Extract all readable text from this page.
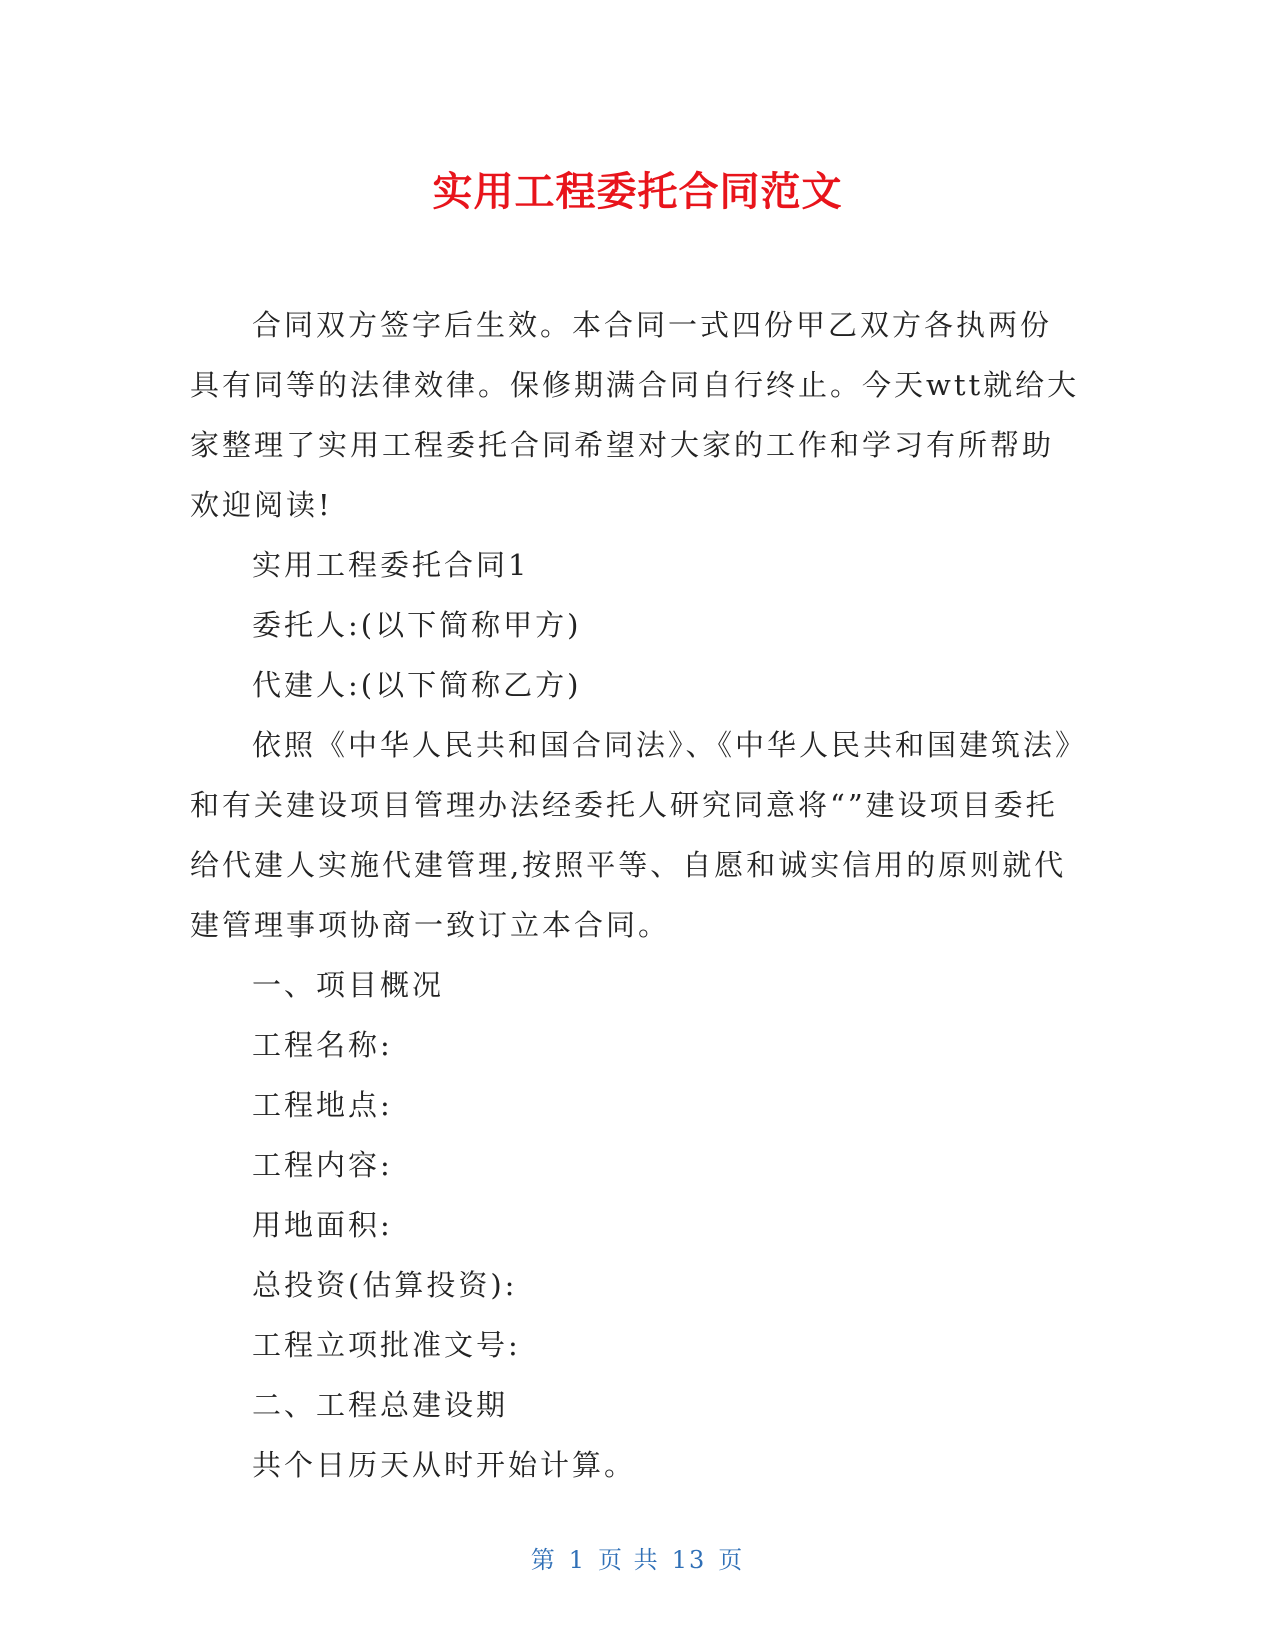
实用工程委托合同范文

合同双方签字后生效。本合同一式四份甲乙双方各执两份具有同等的法律效律。保修期满合同自行终止。今天wtt就给大家整理了实用工程委托合同希望对大家的工作和学习有所帮助欢迎阅读!

实用工程委托合同1

委托人:(以下简称甲方)

代建人:(以下简称乙方)

依照《中华人民共和国合同法》、《中华人民共和国建筑法》和有关建设项目管理办法经委托人研究同意将“”建设项目委托给代建人实施代建管理,按照平等、自愿和诚实信用的原则就代建管理事项协商一致订立本合同。

一、项目概况

工程名称:

工程地点:

工程内容:

用地面积:

总投资(估算投资):

工程立项批准文号:

二、工程总建设期

共个日历天从时开始计算。

第 1 页 共 13 页
